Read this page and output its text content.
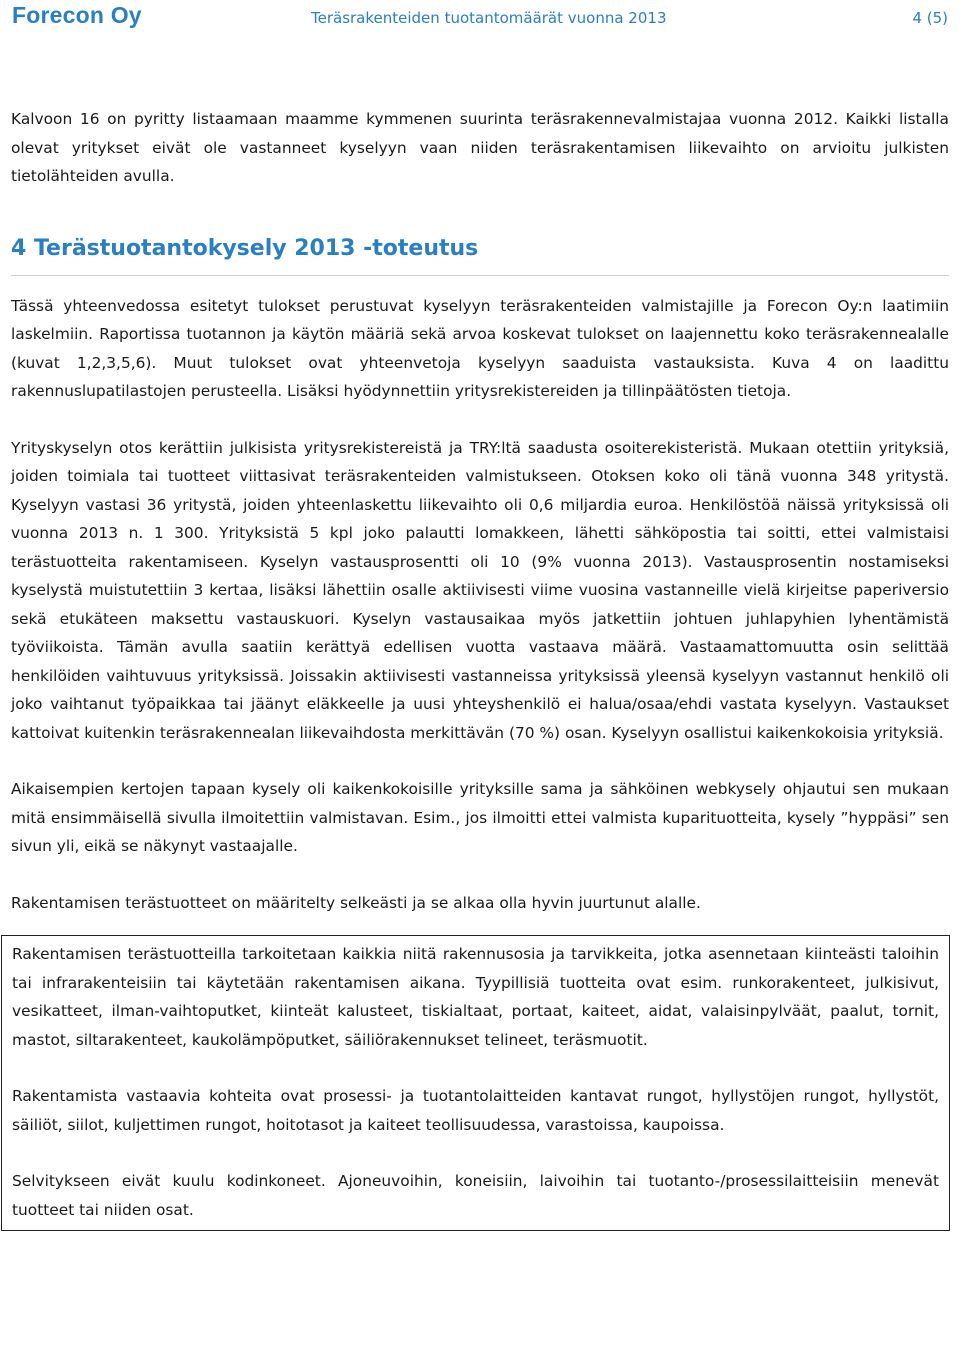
Forecon Oy	Teräsrakenteiden tuotantomäärät vuonna 2013	4 (5)

Kalvoon 16 on pyritty listaamaan maamme kymmenen suurinta teräsrakennevalmistajaa vuonna 2012. Kaikki listalla olevat yritykset eivät ole vastanneet kyselyyn vaan niiden teräsrakentamisen liikevaihto on arvioitu julkisten tietolähteiden avulla.

4 Terästuotantokysely 2013 -toteutus

Tässä yhteenvedossa esitetyt tulokset perustuvat kyselyyn teräsrakenteiden valmistajille ja Forecon Oy:n laatimiin laskelmiin. Raportissa tuotannon ja käytön määriä sekä arvoa koskevat tulokset on laajennettu koko teräsrakennealalle (kuvat 1,2,3,5,6). Muut tulokset ovat yhteenvetoja kyselyyn saaduista vastauksista. Kuva 4 on laadittu rakennuslupatilastojen perusteella. Lisäksi hyödynnettiin yritysrekistereiden ja tillinpäätösten tietoja.

Yrityskyselyn otos kerättiin julkisista yritysrekistereistä ja TRY:ltä saadusta osoiterekisteristä. Mukaan otettiin yrityksiä, joiden toimiala tai tuotteet viittasivat teräsrakenteiden valmistukseen. Otoksen koko oli tänä vuonna 348 yritystä. Kyselyyn vastasi 36 yritystä, joiden yhteenlaskettu liikevaihto oli 0,6 miljardia euroa. Henkilöstöä näissä yrityksissä oli vuonna 2013 n. 1 300. Yrityksistä 5 kpl joko palautti lomakkeen, lähetti sähköpostia tai soitti, ettei valmistaisi terästuotteita rakentamiseen. Kyselyn vastausprosentti oli 10 (9% vuonna 2013). Vastausprosentin nostamiseksi kyselystä muistutettiin 3 kertaa, lisäksi lähettiin osalle aktiivisesti viime vuosina vastanneille vielä kirjeitse paperiversio sekä etukäteen maksettu vastauskuori. Kyselyn vastausaikaa myös jatkettiin johtuen juhlapyhien lyhentämistä työviikoista. Tämän avulla saatiin kerättyä edellisen vuotta vastaava määrä. Vastaamattomuutta osin selittää henkilöiden vaihtuvuus yrityksissä. Joissakin aktiivisesti vastanneissa yrityksissä yleensä kyselyyn vastannut henkilö oli joko vaihtanut työpaikkaa tai jäänyt eläkkeelle ja uusi yhteyshenkilö ei halua/osaa/ehdi vastata kyselyyn. Vastaukset kattoivat kuitenkin teräsrakennealan liikevaihdosta merkittävän (70 %) osan. Kyselyyn osallistui kaikenkokoisia yrityksiä.

Aikaisempien kertojen tapaan kysely oli kaikenkokoisille yrityksille sama ja sähköinen webkysely ohjautui sen mukaan mitä ensimmäisellä sivulla ilmoitettiin valmistavan. Esim., jos ilmoitti ettei valmista kuparituotteita, kysely ”hyppäsi” sen sivun yli, eikä se näkynyt vastaajalle.

Rakentamisen terästuotteet on määritelty selkeästi ja se alkaa olla hyvin juurtunut alalle.

Rakentamisen terästuotteilla tarkoitetaan kaikkia niitä rakennusosia ja tarvikkeita, jotka asennetaan kiinteästi taloihin tai infrarakenteisiin tai käytetään rakentamisen aikana. Tyypillisiä tuotteita ovat esim. runkorakenteet, julkisivut, vesikatteet, ilman-vaihtoputket, kiinteät kalusteet, tiskialtaat, portaat, kaiteet, aidat, valaisinpylväät, paalut, tornit, mastot, siltarakenteet, kaukolämpöputket, säiliörakennukset telineet, teräsmuotit.

Rakentamista vastaavia kohteita ovat prosessi- ja tuotantolaitteiden kantavat rungot, hyllystöjen rungot, hyllystöt, säiliöt, siilot, kuljettimen rungot, hoitotasot ja kaiteet teollisuudessa, varastoissa, kaupoissa.

Selvitykseen eivät kuulu kodinkoneet. Ajoneuvoihin, koneisiin, laivoihin tai tuotanto-/prosessilaitteisiin menevät tuotteet tai niiden osat.
